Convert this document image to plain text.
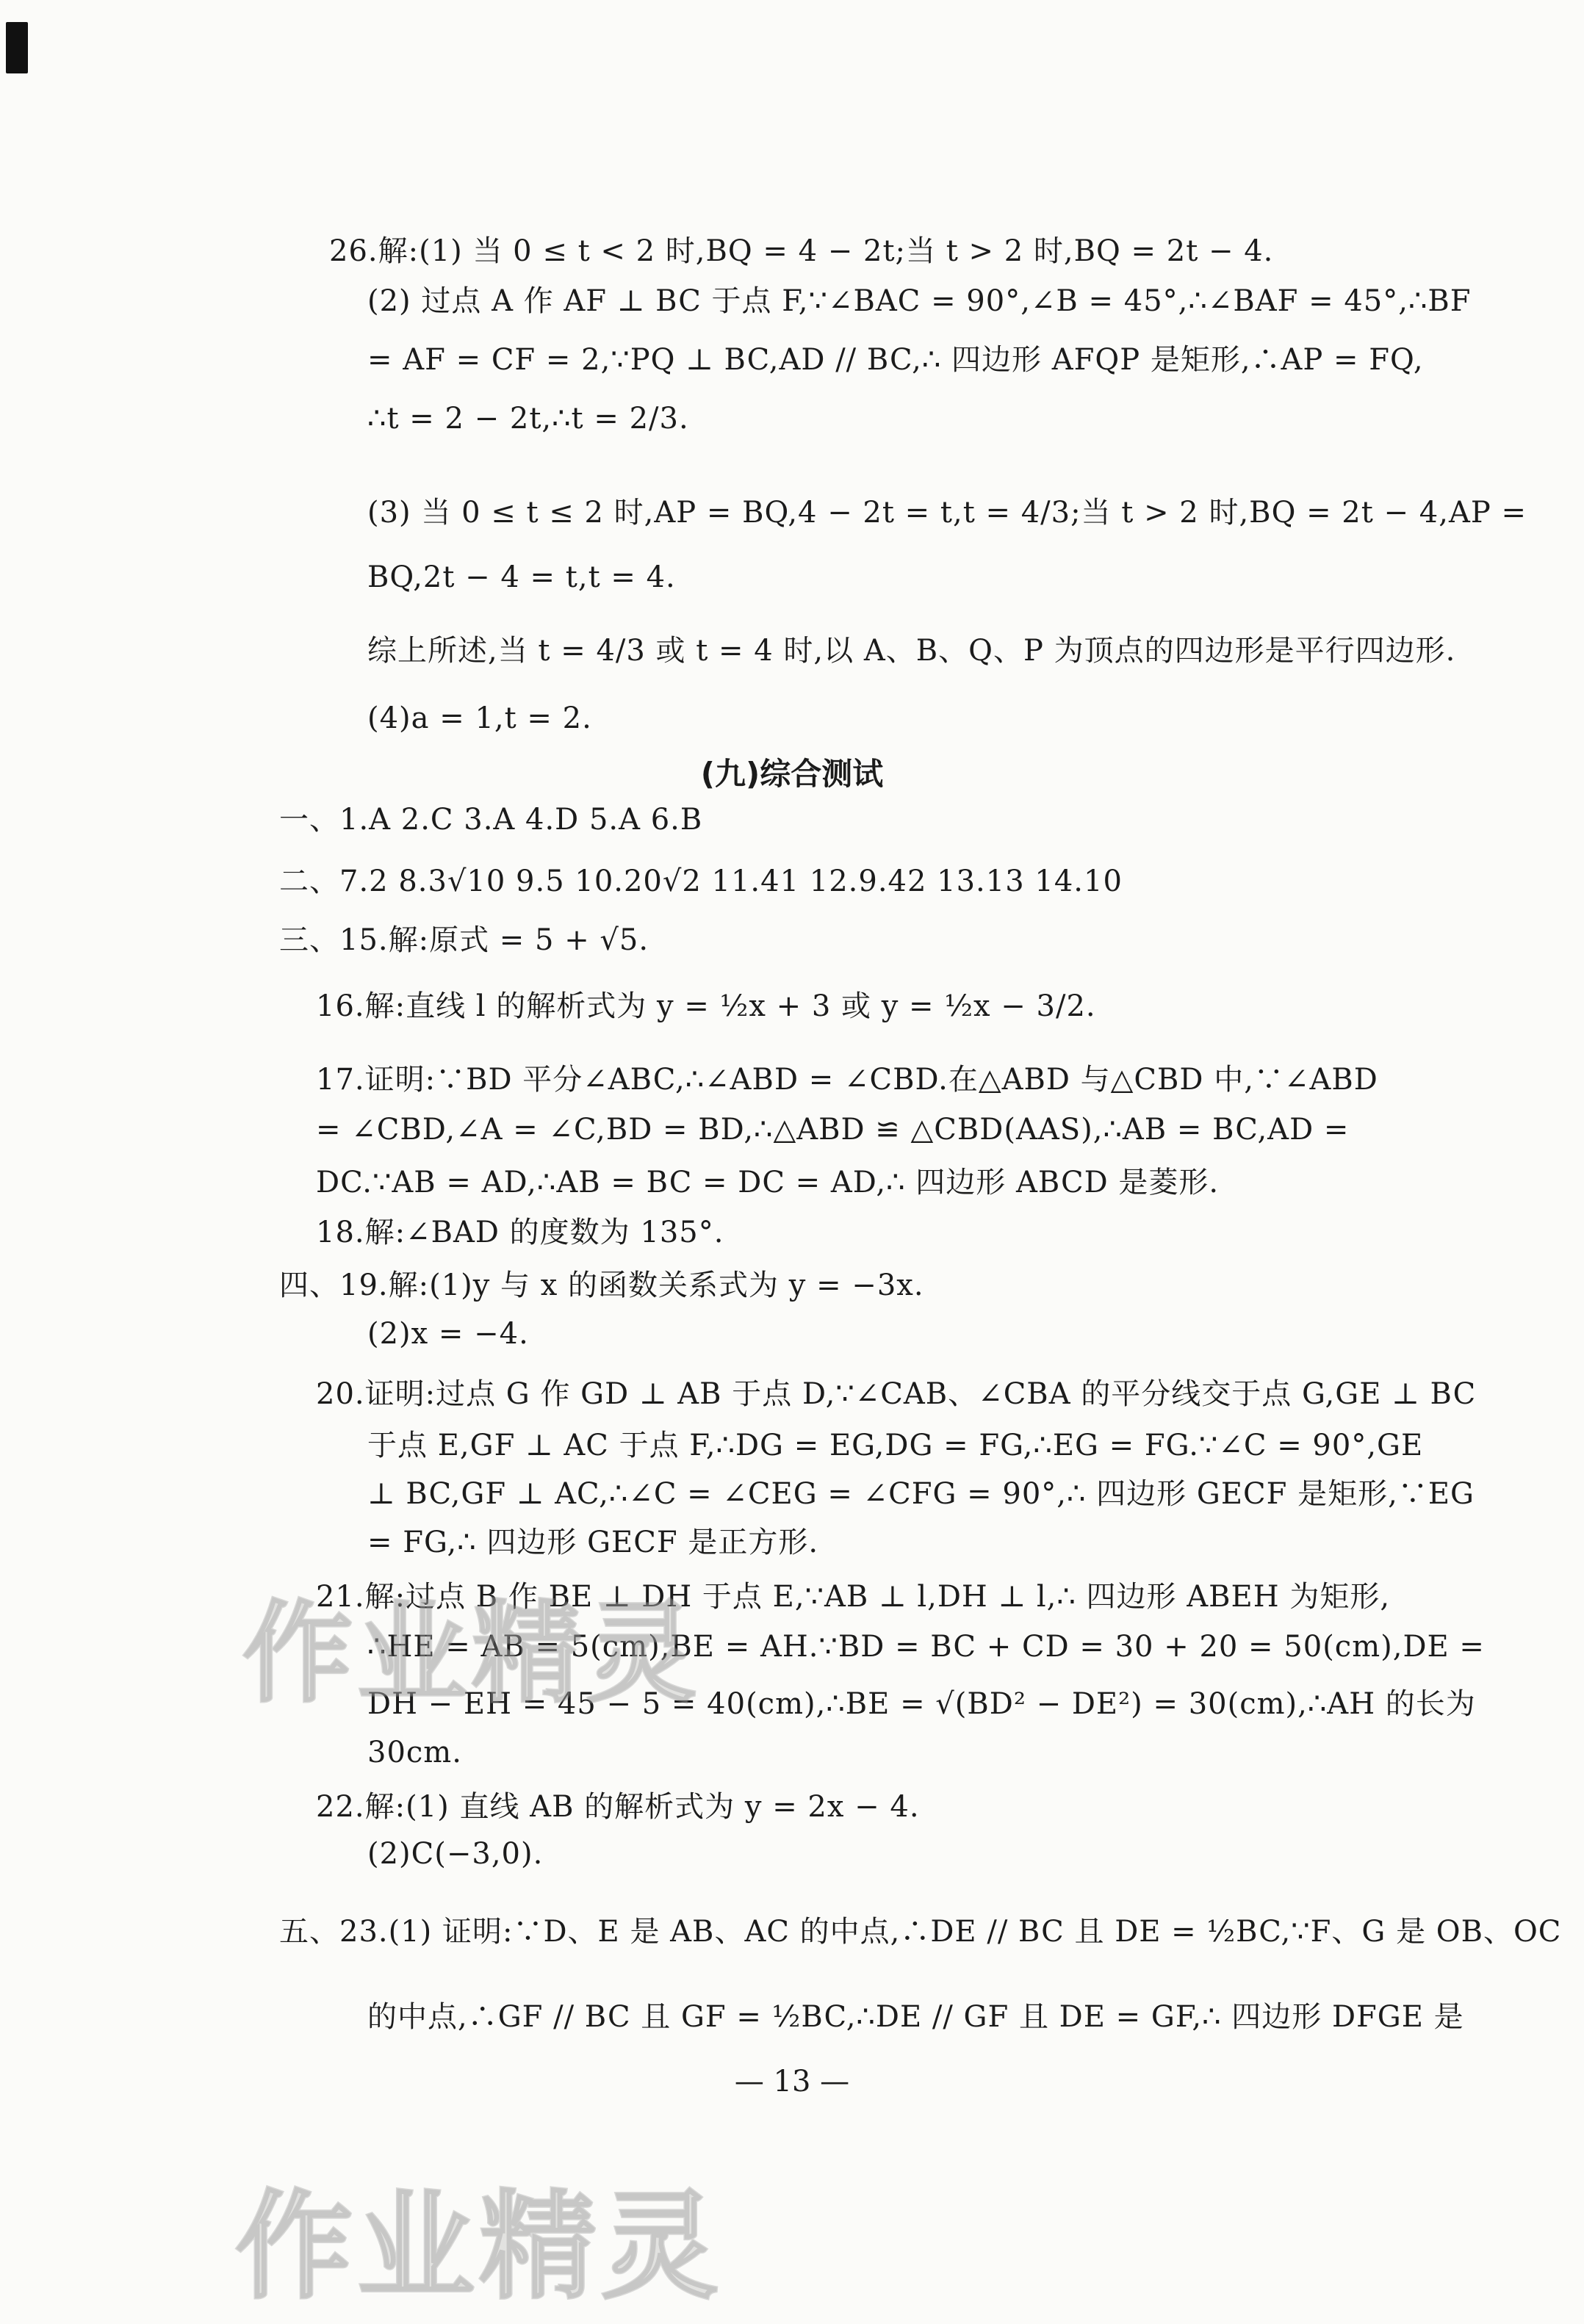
26.解:(1) 当 0 ≤ t < 2 时,BQ = 4 − 2t;当 t > 2 时,BQ = 2t − 4.
(2) 过点 A 作 AF ⊥ BC 于点 F,∵∠BAC = 90°,∠B = 45°,∴∠BAF = 45°,∴BF
= AF = CF = 2,∵PQ ⊥ BC,AD // BC,∴ 四边形 AFQP 是矩形,∴AP = FQ,
∴t = 2 − 2t,∴t = 2/3.
(3) 当 0 ≤ t ≤ 2 时,AP = BQ,4 − 2t = t,t = 4/3;当 t > 2 时,BQ = 2t − 4,AP =
BQ,2t − 4 = t,t = 4.
综上所述,当 t = 4/3 或 t = 4 时,以 A、B、Q、P 为顶点的四边形是平行四边形.
(4)a = 1,t = 2.
(九)综合测试
一、1.A 2.C 3.A 4.D 5.A 6.B
二、7.2 8.3√10 9.5 10.20√2 11.41 12.9.42 13.13 14.10
三、15.解:原式 = 5 + √5.
16.解:直线 l 的解析式为 y = ½x + 3 或 y = ½x − 3/2.
17.证明:∵BD 平分∠ABC,∴∠ABD = ∠CBD.在△ABD 与△CBD 中,∵∠ABD
= ∠CBD,∠A = ∠C,BD = BD,∴△ABD ≌ △CBD(AAS),∴AB = BC,AD =
DC.∵AB = AD,∴AB = BC = DC = AD,∴ 四边形 ABCD 是菱形.
18.解:∠BAD 的度数为 135°.
四、19.解:(1)y 与 x 的函数关系式为 y = −3x.
(2)x = −4.
20.证明:过点 G 作 GD ⊥ AB 于点 D,∵∠CAB、∠CBA 的平分线交于点 G,GE ⊥ BC
于点 E,GF ⊥ AC 于点 F,∴DG = EG,DG = FG,∴EG = FG.∵∠C = 90°,GE
⊥ BC,GF ⊥ AC,∴∠C = ∠CEG = ∠CFG = 90°,∴ 四边形 GECF 是矩形,∵EG
= FG,∴ 四边形 GECF 是正方形.
21.解:过点 B 作 BE ⊥ DH 于点 E,∵AB ⊥ l,DH ⊥ l,∴ 四边形 ABEH 为矩形,
∴HE = AB = 5(cm),BE = AH.∵BD = BC + CD = 30 + 20 = 50(cm),DE =
DH − EH = 45 − 5 = 40(cm),∴BE = √(BD² − DE²) = 30(cm),∴AH 的长为
30cm.
22.解:(1) 直线 AB 的解析式为 y = 2x − 4.
(2)C(−3,0).
五、23.(1) 证明:∵D、E 是 AB、AC 的中点,∴DE // BC 且 DE = ½BC,∵F、G 是 OB、OC
的中点,∴GF // BC 且 GF = ½BC,∴DE // GF 且 DE = GF,∴ 四边形 DFGE 是
— 13 —
作业精灵
作业精灵
